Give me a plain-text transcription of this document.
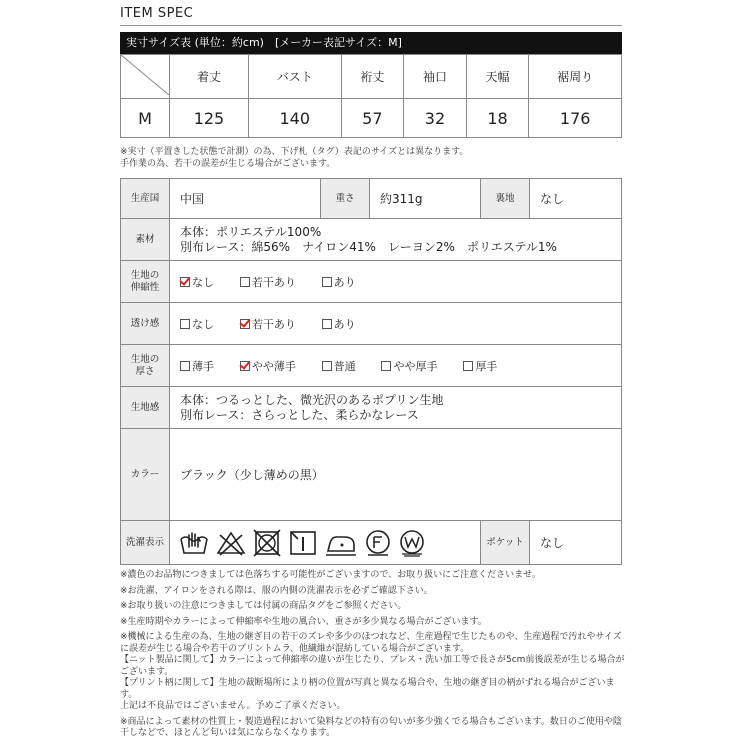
ITEM SPEC
実寸サイズ表 (単位：約cm)　[メーカー表記サイズ：M]
	着丈	バスト	裄丈	袖口	天幅	裾周り
M	125	140	57	32	18	176
※実寸（平置きした状態で計測）の為、下げ札（タグ）表記のサイズとは異なります。
手作業の為、若干の誤差が生じる場合がございます。
生産国	中国	重さ	約311g	裏地	なし
素材	本体：ポリエステル100%
別布レース：綿56%　ナイロン41%　レーヨン2%　ポリエステル1%				

生地の
伸縮性	なし
若干あり
あり				

透け感	なし
若干あり
あり				

生地の
厚さ	薄手
やや薄手
普通
やや厚手
厚手				

生地感	本体：つるっとした、微光沢のあるポプリン生地
別布レース：さらっとした、柔らかなレース				

カラー	ブラック（少し薄めの黒）				
洗濯表示				ポケット	なし
※濃色のお品物につきましては色落ちする可能性がございますので、お取り扱いにご注意くださいませ。
※お洗濯、アイロンをされる際は、服の内側の洗濯表示を必ずご確認下さい。
※お取り扱いの注意につきましては付属の商品タグをご参照ください。
※生産時期やカラーによって伸縮率や生地の風合い、重さが多少異なる場合がございます。
※機械による生産の為、生地の継ぎ目の若干のズレや多少のほつれなど、生産過程で生じたものや、生産過程で汚れやサイズに誤差が生じる場合や若干のプリントムラ、他繊維が混紡している場合がございます。
【ニット製品に関して】カラーによって伸縮率の違いが生じたり、プレス・洗い加工等で長さが5cm前後誤差が生じる場合がございます。
【プリント柄に関して】生地の裁断場所により柄の位置が写真と異なる場合や、生地の継ぎ目の柄がずれる場合がございます。
上記は不良品ではございません。予めご了承ください。
※商品によって素材の性質上・製造過程において染料などの特有の匂いが多少強くでる場合もございます。数日のご使用や陰干しなどで、ほとんど匂いは気にならなくなります。
